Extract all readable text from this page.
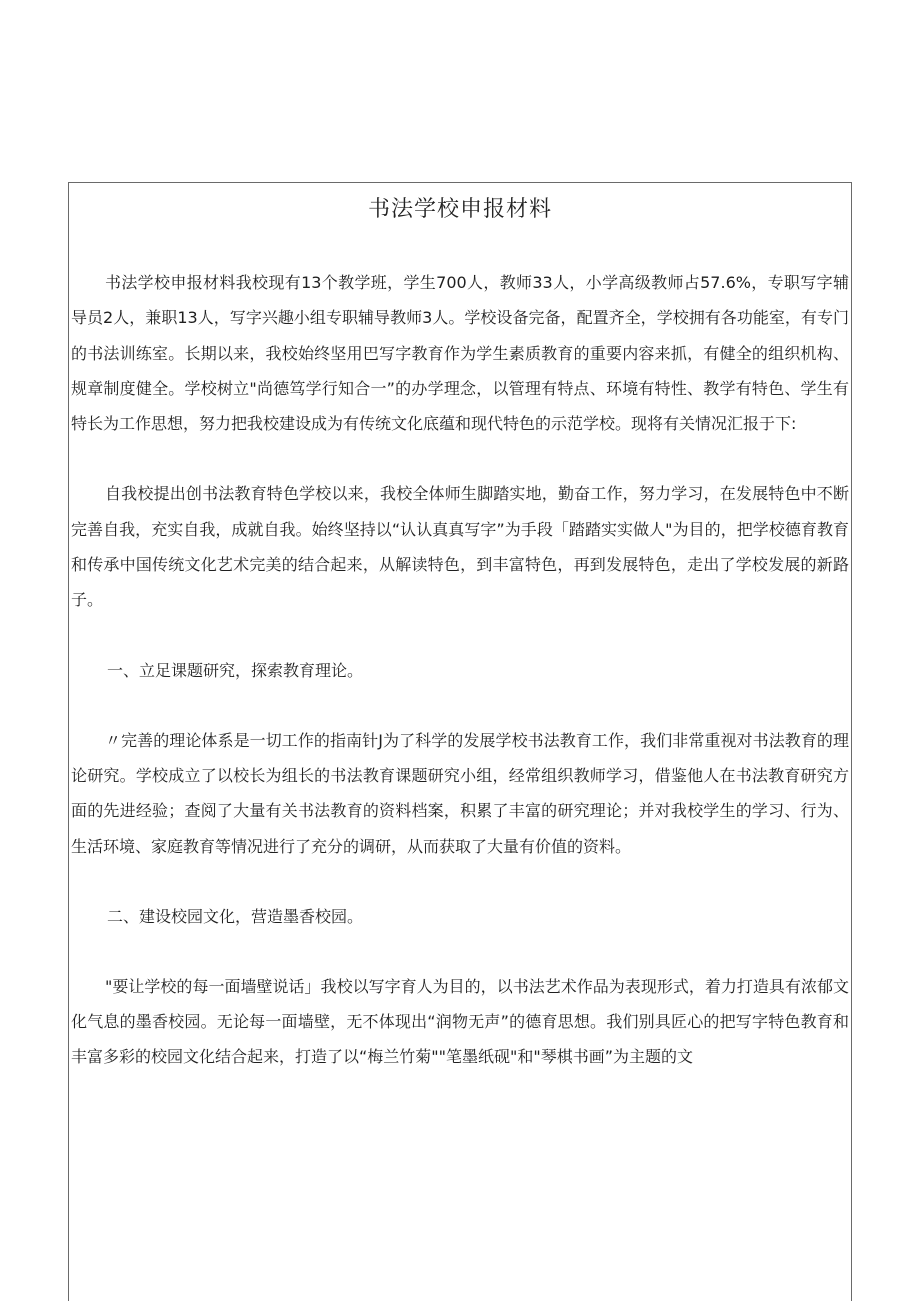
书法学校申报材料

书法学校申报材料我校现有13个教学班，学生700人，教师33人，小学高级教师占57.6%，专职写字辅导员2人，兼职13人，写字兴趣小组专职辅导教师3人。学校设备完备，配置齐全，学校拥有各功能室，有专门的书法训练室。长期以来，我校始终坚用巴写字教育作为学生素质教育的重要内容来抓，有健全的组织机构、规章制度健全。学校树立"尚德笃学行知合一”的办学理念，以管理有特点、环境有特性、教学有特色、学生有特长为工作思想，努力把我校建设成为有传统文化底蕴和现代特色的示范学校。现将有关情况汇报于下:

自我校提出创书法教育特色学校以来，我校全体师生脚踏实地，勤奋工作，努力学习，在发展特色中不断完善自我，充实自我，成就自我。始终坚持以“认认真真写字”为手段「踏踏实实做人"为目的，把学校德育教育和传承中国传统文化艺术完美的结合起来，从解读特色，到丰富特色，再到发展特色，走出了学校发展的新路子。

一、立足课题研究，探索教育理论。

〃完善的理论体系是一切工作的指南针J为了科学的发展学校书法教育工作，我们非常重视对书法教育的理论研究。学校成立了以校长为组长的书法教育课题研究小组，经常组织教师学习，借鉴他人在书法教育研究方面的先进经验；查阅了大量有关书法教育的资料档案，积累了丰富的研究理论；并对我校学生的学习、行为、生活环境、家庭教育等情况进行了充分的调研，从而获取了大量有价值的资料。

二、建设校园文化，营造墨香校园。

"要让学校的每一面墙壁说话」我校以写字育人为目的，以书法艺术作品为表现形式，着力打造具有浓郁文化气息的墨香校园。无论每一面墙壁，无不体现出“润物无声”的德育思想。我们别具匠心的把写字特色教育和丰富多彩的校园文化结合起来，打造了以“梅兰竹菊""笔墨纸砚"和"琴棋书画”为主题的文
